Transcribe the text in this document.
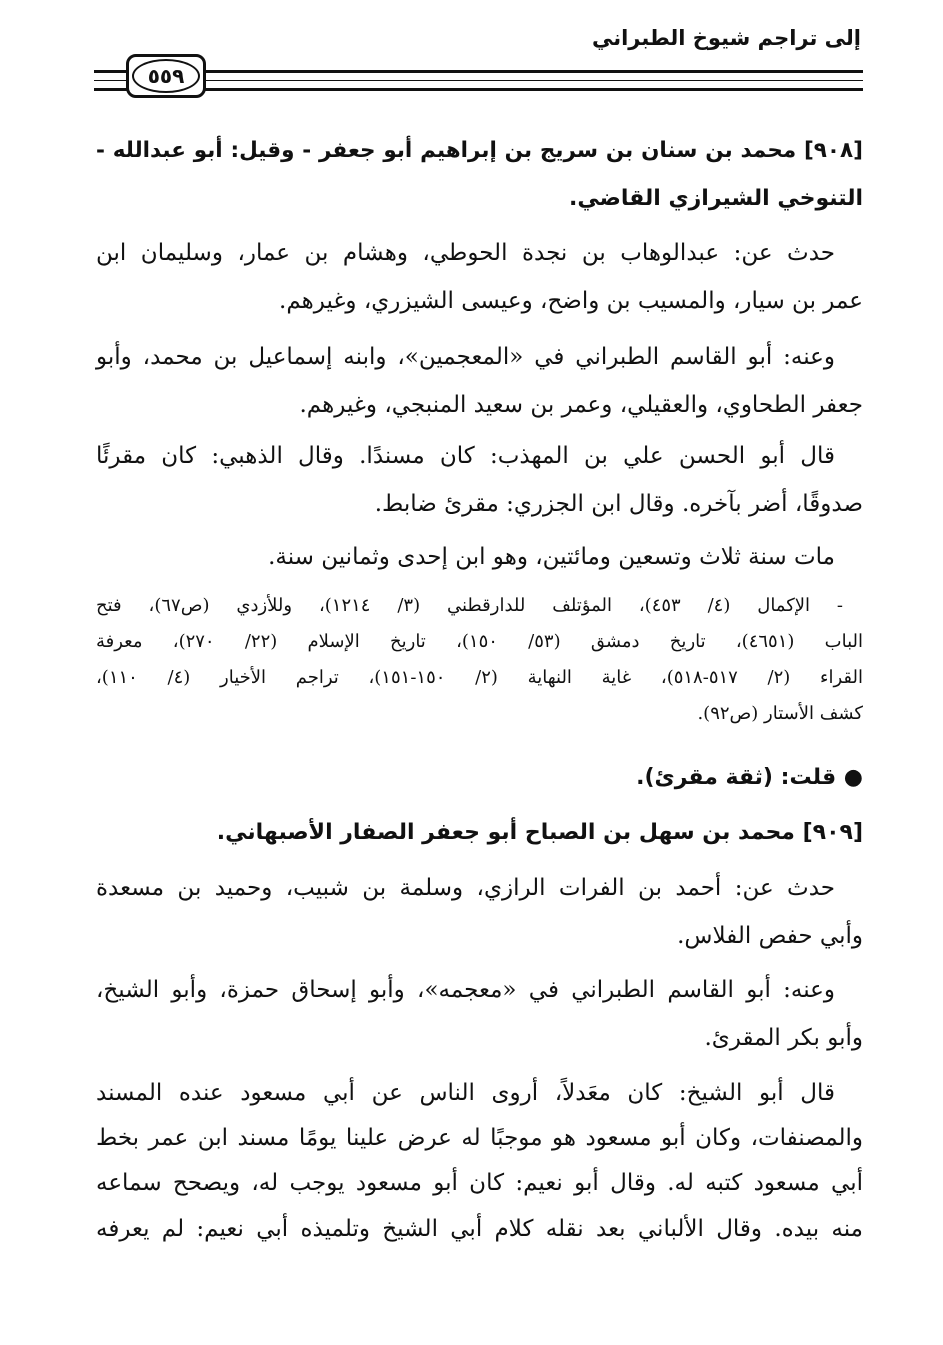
إلى تراجم شيوخ الطبراني
٥٥٩
[٩٠٨] محمد بن سنان بن سريج بن إبراهيم أبو جعفر - وقيل: أبو عبدالله -
التنوخي الشيرازي القاضي.
حدث عن: عبدالوهاب بن نجدة الحوطي، وهشام بن عمار، وسليمان ابن
عمر بن سيار، والمسيب بن واضح، وعيسى الشيزري، وغيرهم.
وعنه: أبو القاسم الطبراني في «المعجمين»، وابنه إسماعيل بن محمد، وأبو
جعفر الطحاوي، والعقيلي، وعمر بن سعيد المنبجي، وغيرهم.
قال أبو الحسن علي بن المهذب: كان مسندًا. وقال الذهبي: كان مقرئًا
صدوقًا، أضر بآخره. وقال ابن الجزري: مقرئ ضابط.
مات سنة ثلاث وتسعين ومائتين، وهو ابن إحدى وثمانين سنة.
- الإكمال (٤/ ٤٥٣)، المؤتلف للدارقطني (٣/ ١٢١٤)، وللأزدي (ص٦٧)، فتح
الباب (٤٦٥١)، تاريخ دمشق (٥٣/ ١٥٠)، تاريخ الإسلام (٢٢/ ٢٧٠)، معرفة
القراء (٢/ ٥١٧-٥١٨)، غاية النهاية (٢/ ١٥٠-١٥١)، تراجم الأخيار (٤/ ١١٠)،
كشف الأستار (ص٩٢).
● قلت: (ثقة مقرئ).
[٩٠٩] محمد بن سهل بن الصباح أبو جعفر الصفار الأصبهاني.
حدث عن: أحمد بن الفرات الرازي، وسلمة بن شبيب، وحميد بن مسعدة
وأبي حفص الفلاس.
وعنه: أبو القاسم الطبراني في «معجمه»، وأبو إسحاق حمزة، وأبو الشيخ،
وأبو بكر المقرئ.
قال أبو الشيخ: كان معَدلاً، أروى الناس عن أبي مسعود عنده المسند
والمصنفات، وكان أبو مسعود هو موجبًا له عرض علينا يومًا مسند ابن عمر بخط
أبي مسعود كتبه له. وقال أبو نعيم: كان أبو مسعود يوجب له، ويصحح سماعه
منه بيده. وقال الألباني بعد نقله كلام أبي الشيخ وتلميذه أبي نعيم: لم يعرفه
